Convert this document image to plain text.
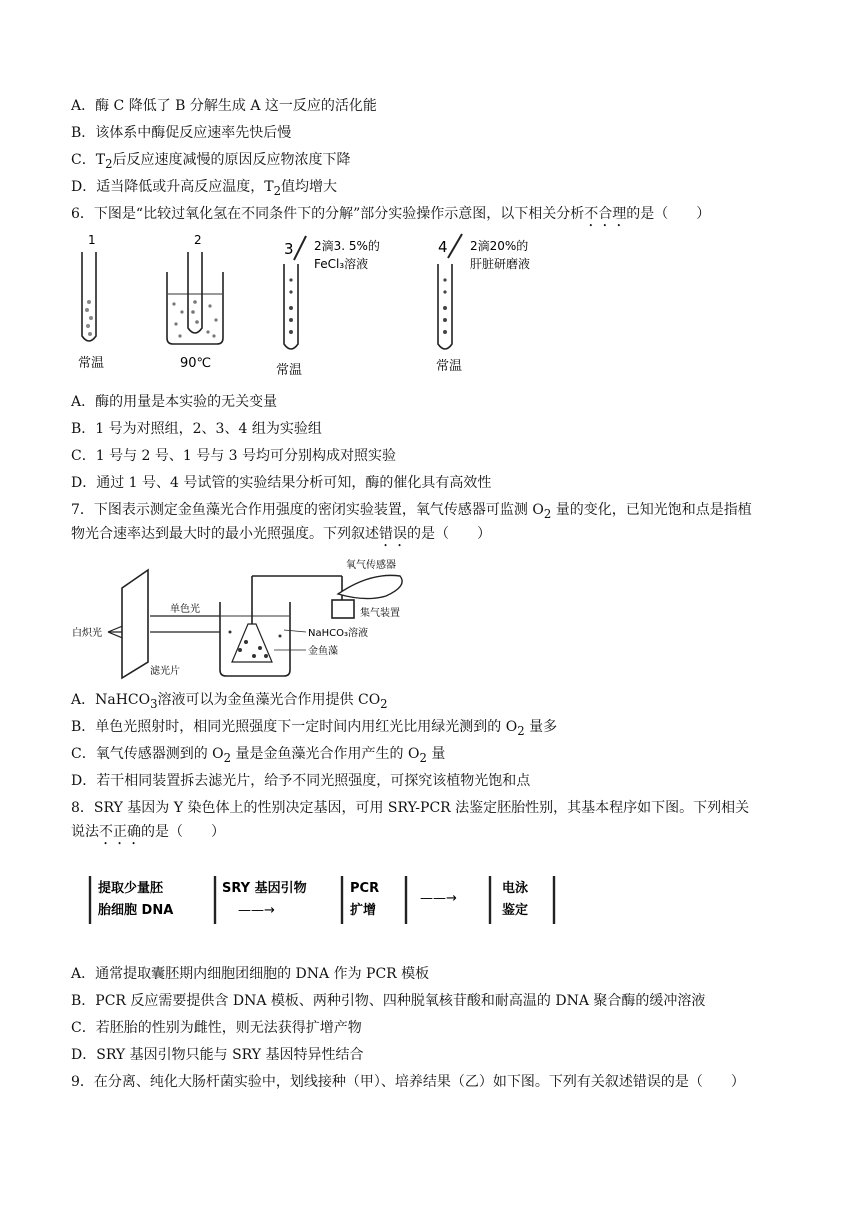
A．酶 C 降低了 B 分解生成 A 这一反应的活化能
B．该体系中酶促反应速率先快后慢
C．$T_2$后反应速度减慢的原因反应物浓度下降
D．适当降低或升高反应温度，$T_2$值均增大
6．下图是“比较过氧化氢在不同条件下的分解”部分实验操作示意图，以下相关分析不合理的是（　　）
1
常温
2
90℃
3 2滴3. 5%的
FeCl₃溶液
常温
4 2滴20%的
肝脏研磨液
常温
A．酶的用量是本实验的无关变量
B．1 号为对照组，2、3、4 组为实验组
C．1 号与 2 号、1 号与 3 号均可分别构成对照实验
D．通过 1 号、4 号试管的实验结果分析可知，酶的催化具有高效性
7．下图表示测定金鱼藻光合作用强度的密闭实验装置，氧气传感器可监测 $O_2$ 量的变化，已知光饱和点是指植
物光合速率达到最大时的最小光照强度。下列叙述错误的是（　　）
白炽光
滤光片
单色光
氧气传感器
集气装置
NaHCO₃溶液
金鱼藻
A．NaHCO$_3$溶液可以为金鱼藻光合作用提供 $CO_2$
B．单色光照射时，相同光照强度下一定时间内用红光比用绿光测到的 $O_2$ 量多
C．氧气传感器测到的 $O_2$ 量是金鱼藻光合作用产生的 $O_2$ 量
D．若干相同装置拆去滤光片，给予不同光照强度，可探究该植物光饱和点
8．SRY 基因为 Y 染色体上的性别决定基因，可用 SRY-PCR 法鉴定胚胎性别，其基本程序如下图。下列相关
说法不正确的是（　　）
提取少量胚
胎细胞 DNA
SRY 基因引物
——→
PCR
扩增
——→
电泳
鉴定
A．通常提取囊胚期内细胞团细胞的 DNA 作为 PCR 模板
B．PCR 反应需要提供含 DNA 模板、两种引物、四种脱氧核苷酸和耐高温的 DNA 聚合酶的缓冲溶液
C．若胚胎的性别为雌性，则无法获得扩增产物
D．SRY 基因引物只能与 SRY 基因特异性结合
9．在分离、纯化大肠杆菌实验中，划线接种（甲）、培养结果（乙）如下图。下列有关叙述错误的是（　　）
